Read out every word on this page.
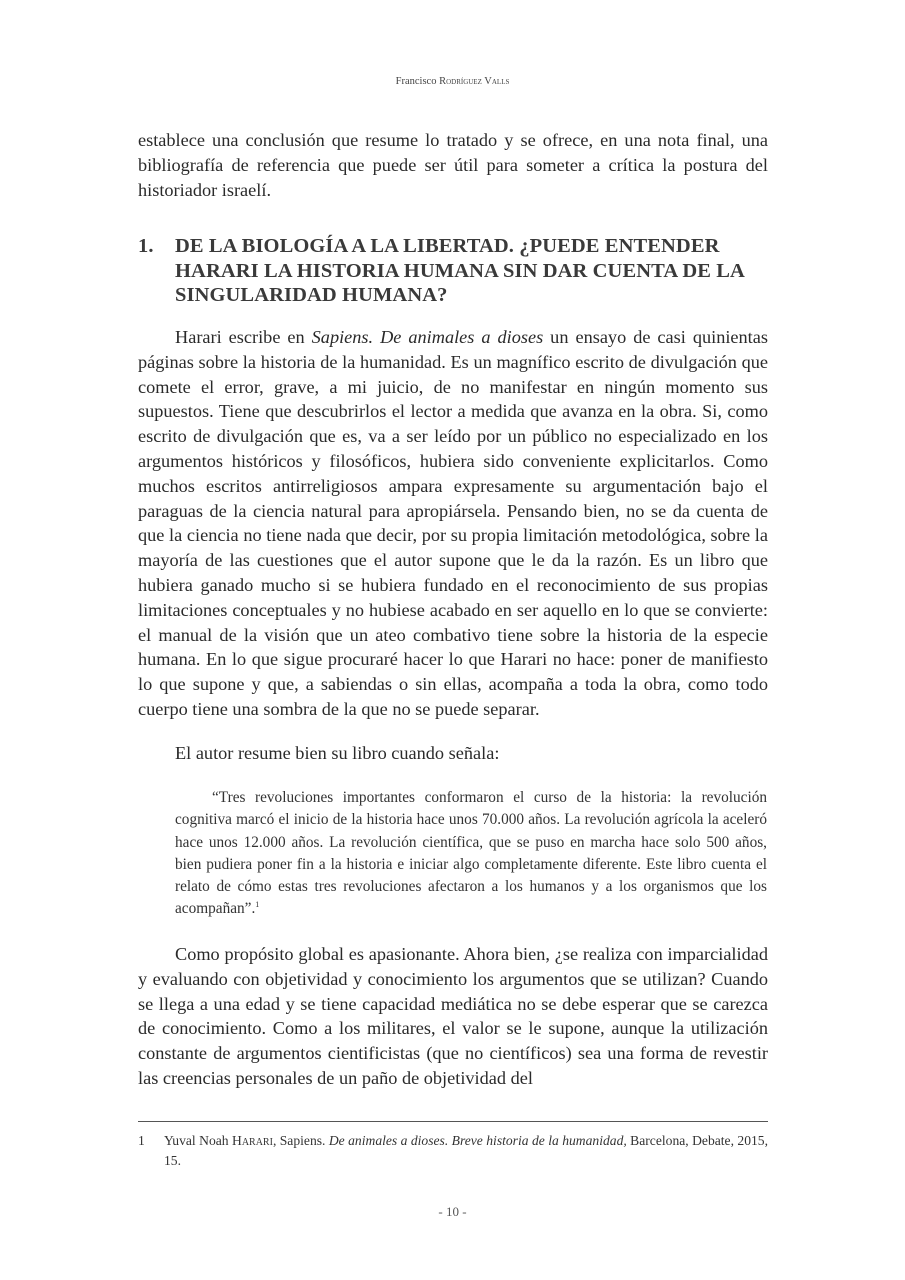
Francisco Rodríguez Valls

establece una conclusión que resume lo tratado y se ofrece, en una nota final, una bibliografía de referencia que puede ser útil para someter a crítica la postura del historiador israelí.

1. DE LA BIOLOGÍA A LA LIBERTAD. ¿PUEDE ENTENDER HARARI LA HISTORIA HUMANA SIN DAR CUENTA DE LA SINGULARIDAD HUMANA?

Harari escribe en Sapiens. De animales a dioses un ensayo de casi quinientas páginas sobre la historia de la humanidad. Es un magnífico escrito de divulgación que comete el error, grave, a mi juicio, de no manifestar en ningún momento sus supuestos. Tiene que descubrirlos el lector a medida que avanza en la obra. Si, como escrito de divulgación que es, va a ser leído por un público no especializado en los argumentos históricos y filosóficos, hubiera sido conveniente explicitarlos. Como muchos escritos antirreligiosos ampara expresamente su argumentación bajo el paraguas de la ciencia natural para apropiársela. Pensando bien, no se da cuenta de que la ciencia no tiene nada que decir, por su propia limitación metodológica, sobre la mayoría de las cuestiones que el autor supone que le da la razón. Es un libro que hubiera ganado mucho si se hubiera fundado en el reconocimiento de sus propias limitaciones conceptuales y no hubiese acabado en ser aquello en lo que se convierte: el manual de la visión que un ateo combativo tiene sobre la historia de la especie humana. En lo que sigue procuraré hacer lo que Harari no hace: poner de manifiesto lo que supone y que, a sabiendas o sin ellas, acompaña a toda la obra, como todo cuerpo tiene una sombra de la que no se puede separar.

El autor resume bien su libro cuando señala:

“Tres revoluciones importantes conformaron el curso de la historia: la revolución cognitiva marcó el inicio de la historia hace unos 70.000 años. La revolución agrícola la aceleró hace unos 12.000 años. La revolución científica, que se puso en marcha hace solo 500 años, bien pudiera poner fin a la historia e iniciar algo completamente diferente. Este libro cuenta el relato de cómo estas tres revoluciones afectaron a los humanos y a los organismos que los acompañan”.$^1$

Como propósito global es apasionante. Ahora bien, ¿se realiza con imparcialidad y evaluando con objetividad y conocimiento los argumentos que se utilizan? Cuando se llega a una edad y se tiene capacidad mediática no se debe esperar que se carezca de conocimiento. Como a los militares, el valor se le supone, aunque la utilización constante de argumentos cientificistas (que no científicos) sea una forma de revestir las creencias personales de un paño de objetividad del

1 Yuval Noah Harari, Sapiens. De animales a dioses. Breve historia de la humanidad, Barcelona, Debate, 2015, 15.
- 10 -
